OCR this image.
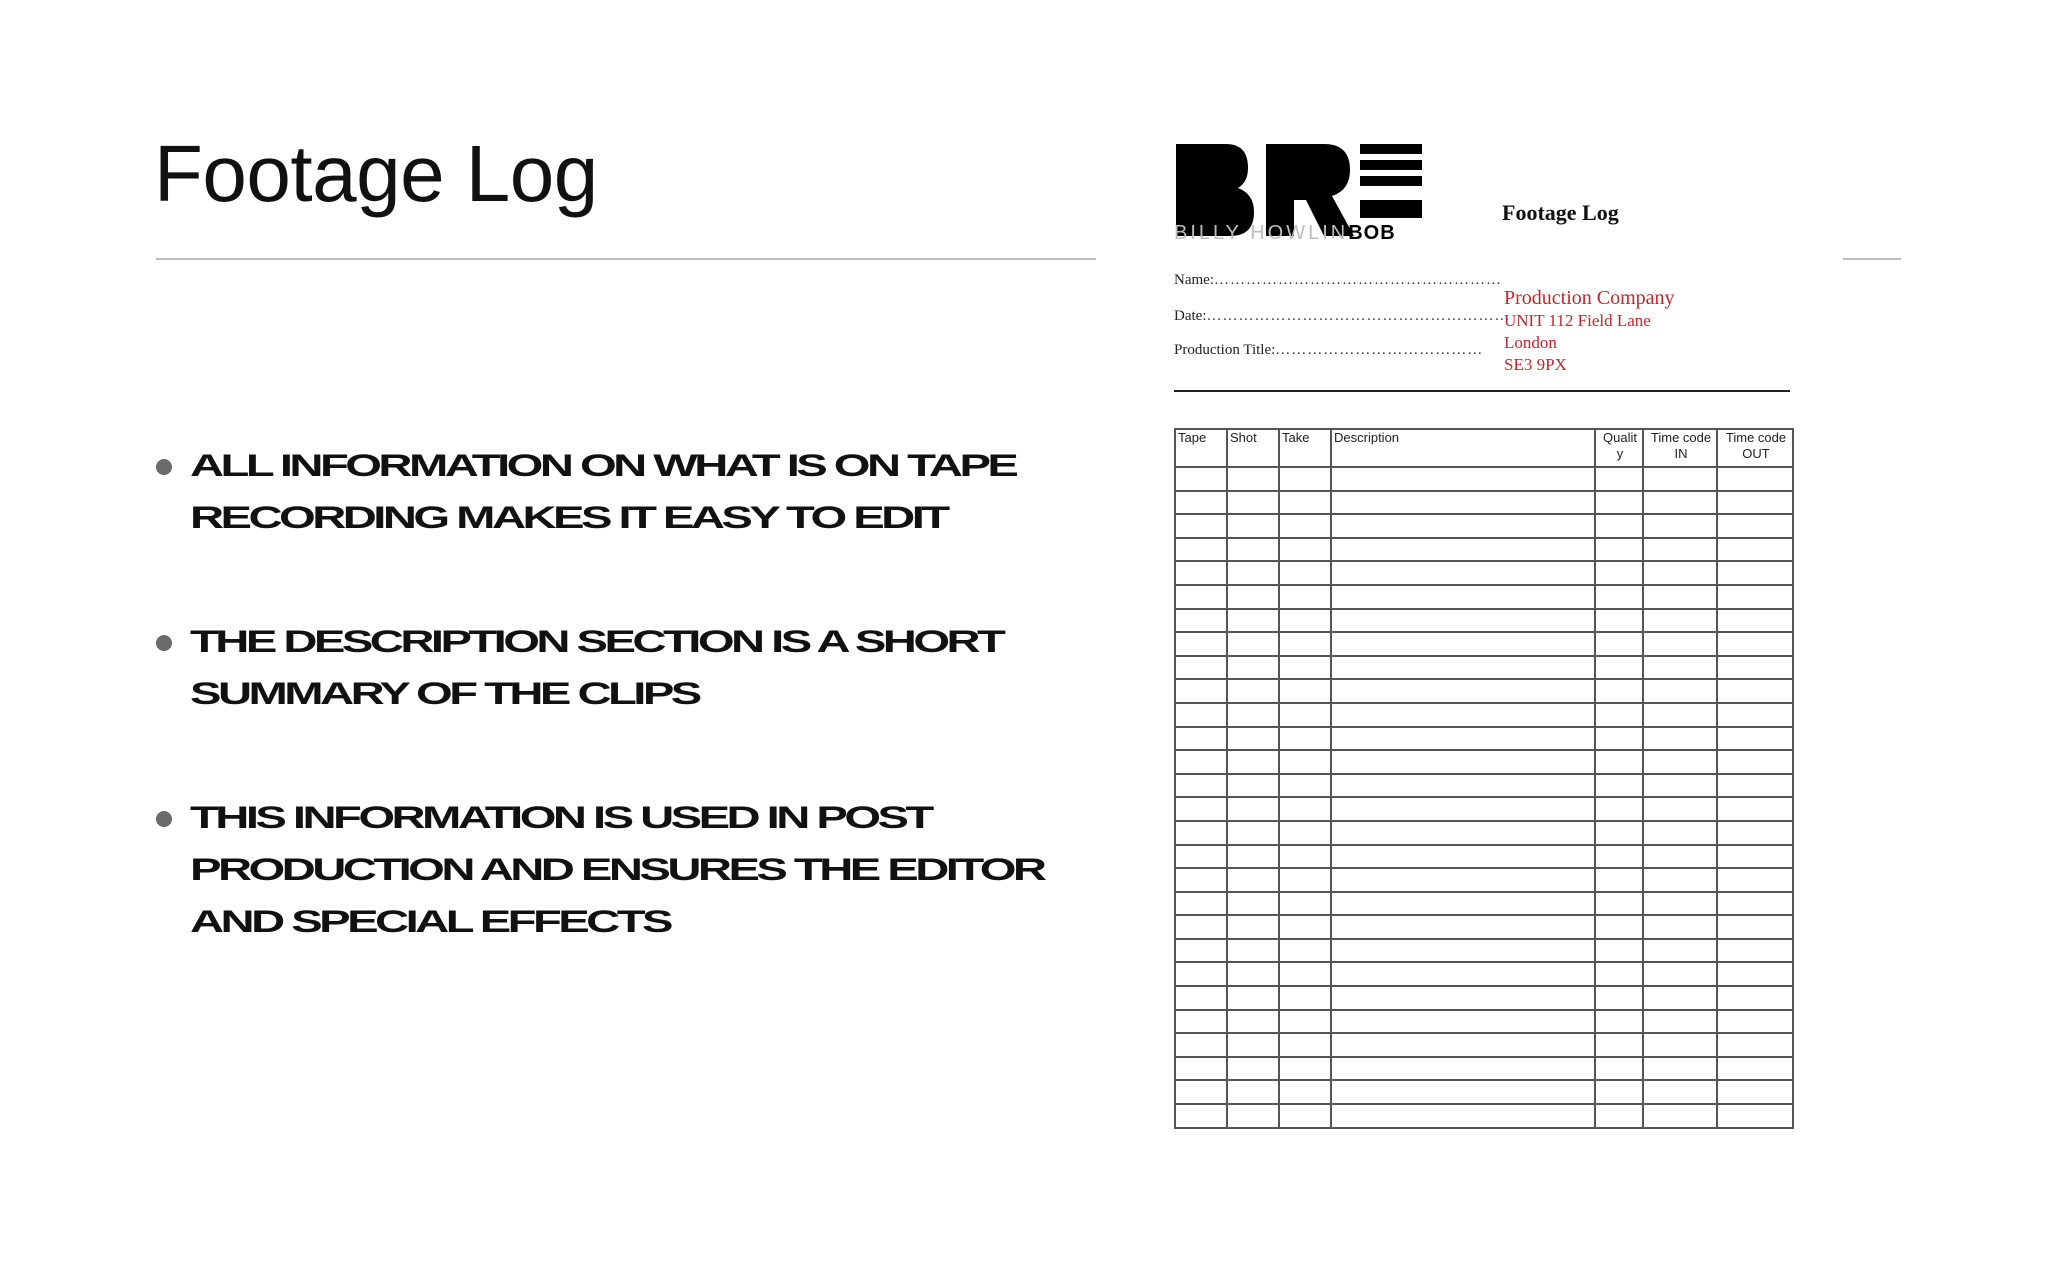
Footage Log
ALL INFORMATION ON WHAT IS ON TAPE
RECORDING MAKES IT EASY TO EDIT
THE DESCRIPTION SECTION IS A SHORT
SUMMARY OF THE CLIPS
THIS INFORMATION IS USED IN POST
PRODUCTION AND ENSURES THE EDITOR
AND SPECIAL EFFECTS
BILLY HOWLINBOB
Footage Log
Name:………………………………………………
Date:…………………………………………………
Production Title:…………………………………
Production Company
UNIT 112 Field Lane
London
SE3 9PX
Tape	Shot	Take	Description	Qualit y	Time code IN	Time code OUT
